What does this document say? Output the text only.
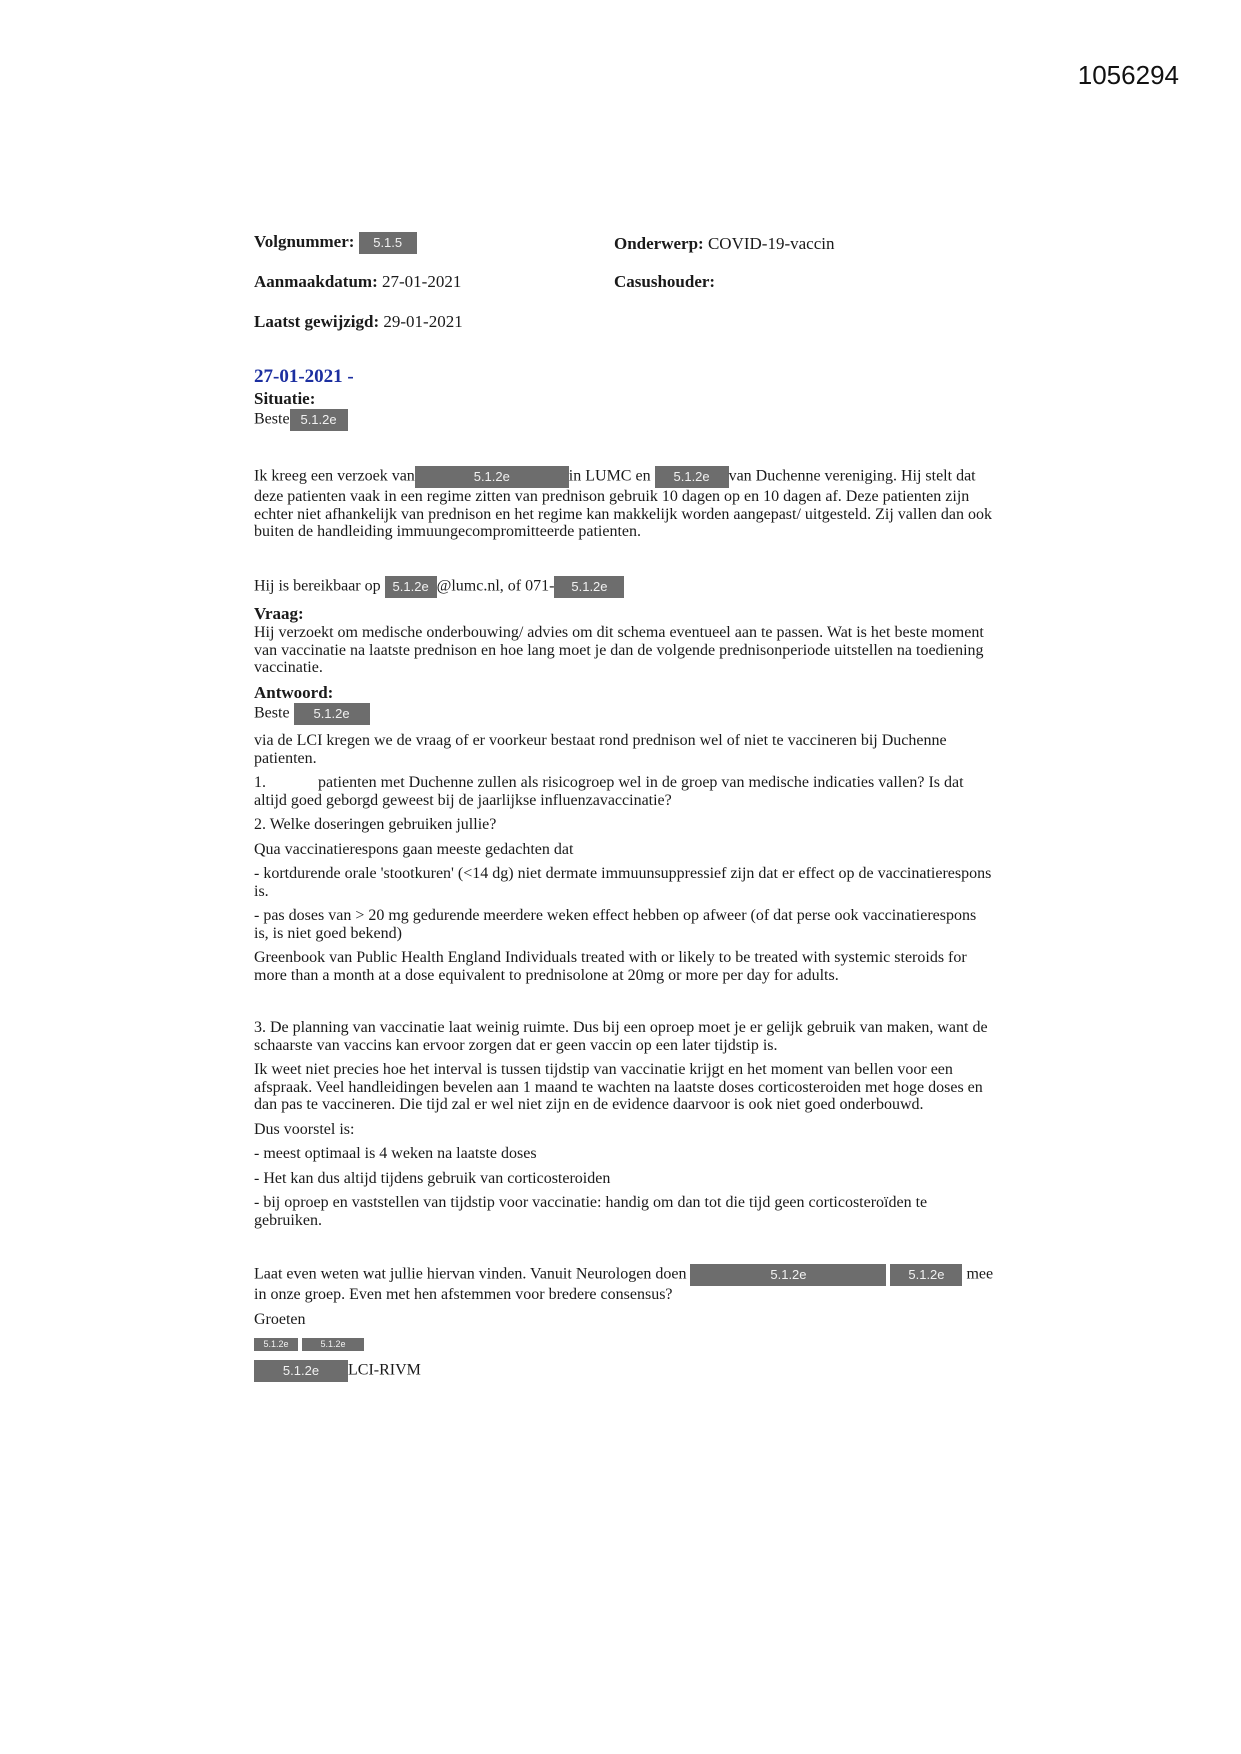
1056294
Volgnummer: 5.1.5	Onderwerp: COVID-19-vaccin
Aanmaakdatum: 27-01-2021	Casushouder:
Laatst gewijzigd: 29-01-2021
27-01-2021 -
Situatie:

Beste 5.1.2e

Ik kreeg een verzoek van	5.1.2e	in LUMC en 5.1.2e van Duchenne vereniging. Hij stelt dat deze patienten vaak in een regime zitten van prednison gebruik 10 dagen op en 10 dagen af. Deze patienten zijn echter niet afhankelijk van prednison en het regime kan makkelijk worden aangepast/ uitgesteld. Zij vallen dan ook buiten de handleiding immuungecompromitteerde patienten.

Hij is bereikbaar op 5.1.2e @lumc.nl, of 071- 5.1.2e

Vraag:

Hij verzoekt om medische onderbouwing/ advies om dit schema eventueel aan te passen. Wat is het beste moment van vaccinatie na laatste prednison en hoe lang moet je dan de volgende prednisonperiode uitstellen na toediening vaccinatie.

Antwoord:

Beste 5.1.2e

via de LCI kregen we de vraag of er voorkeur bestaat rond prednison wel of niet te vaccineren bij Duchenne patienten.

1.	patienten met Duchenne zullen als risicogroep wel in de groep van medische indicaties vallen? Is dat altijd goed geborgd geweest bij de jaarlijkse influenzavaccinatie?

2. Welke doseringen gebruiken jullie?

Qua vaccinatierespons gaan meeste gedachten dat

- kortdurende orale 'stootkuren' (<14 dg) niet dermate immuunsuppressief zijn dat er effect op de vaccinatierespons is.

- pas doses van > 20 mg gedurende meerdere weken effect hebben op afweer (of dat perse ook vaccinatierespons is, is niet goed bekend)

Greenbook van Public Health England Individuals treated with or likely to be treated with systemic steroids for more than a month at a dose equivalent to prednisolone at 20mg or more per day for adults.

3. De planning van vaccinatie laat weinig ruimte. Dus bij een oproep moet je er gelijk gebruik van maken, want de schaarste van vaccins kan ervoor zorgen dat er geen vaccin op een later tijdstip is.

Ik weet niet precies hoe het interval is tussen tijdstip van vaccinatie krijgt en het moment van bellen voor een afspraak. Veel handleidingen bevelen aan 1 maand te wachten na laatste doses corticosteroiden met hoge doses en dan pas te vaccineren. Die tijd zal er wel niet zijn en de evidence daarvoor is ook niet goed onderbouwd.

Dus voorstel is:

- meest optimaal is 4 weken na laatste doses

- Het kan dus altijd tijdens gebruik van corticosteroiden

- bij oproep en vaststellen van tijdstip voor vaccinatie: handig om dan tot die tijd geen corticosteroïden te gebruiken.

Laat even weten wat jullie hiervan vinden. Vanuit Neurologen doen	5.1.2e	5.1.2e mee in onze groep. Even met hen afstemmen voor bredere consensus?

Groeten

5.1.2e	5.1.2e

5.1.2e LCI-RIVM
